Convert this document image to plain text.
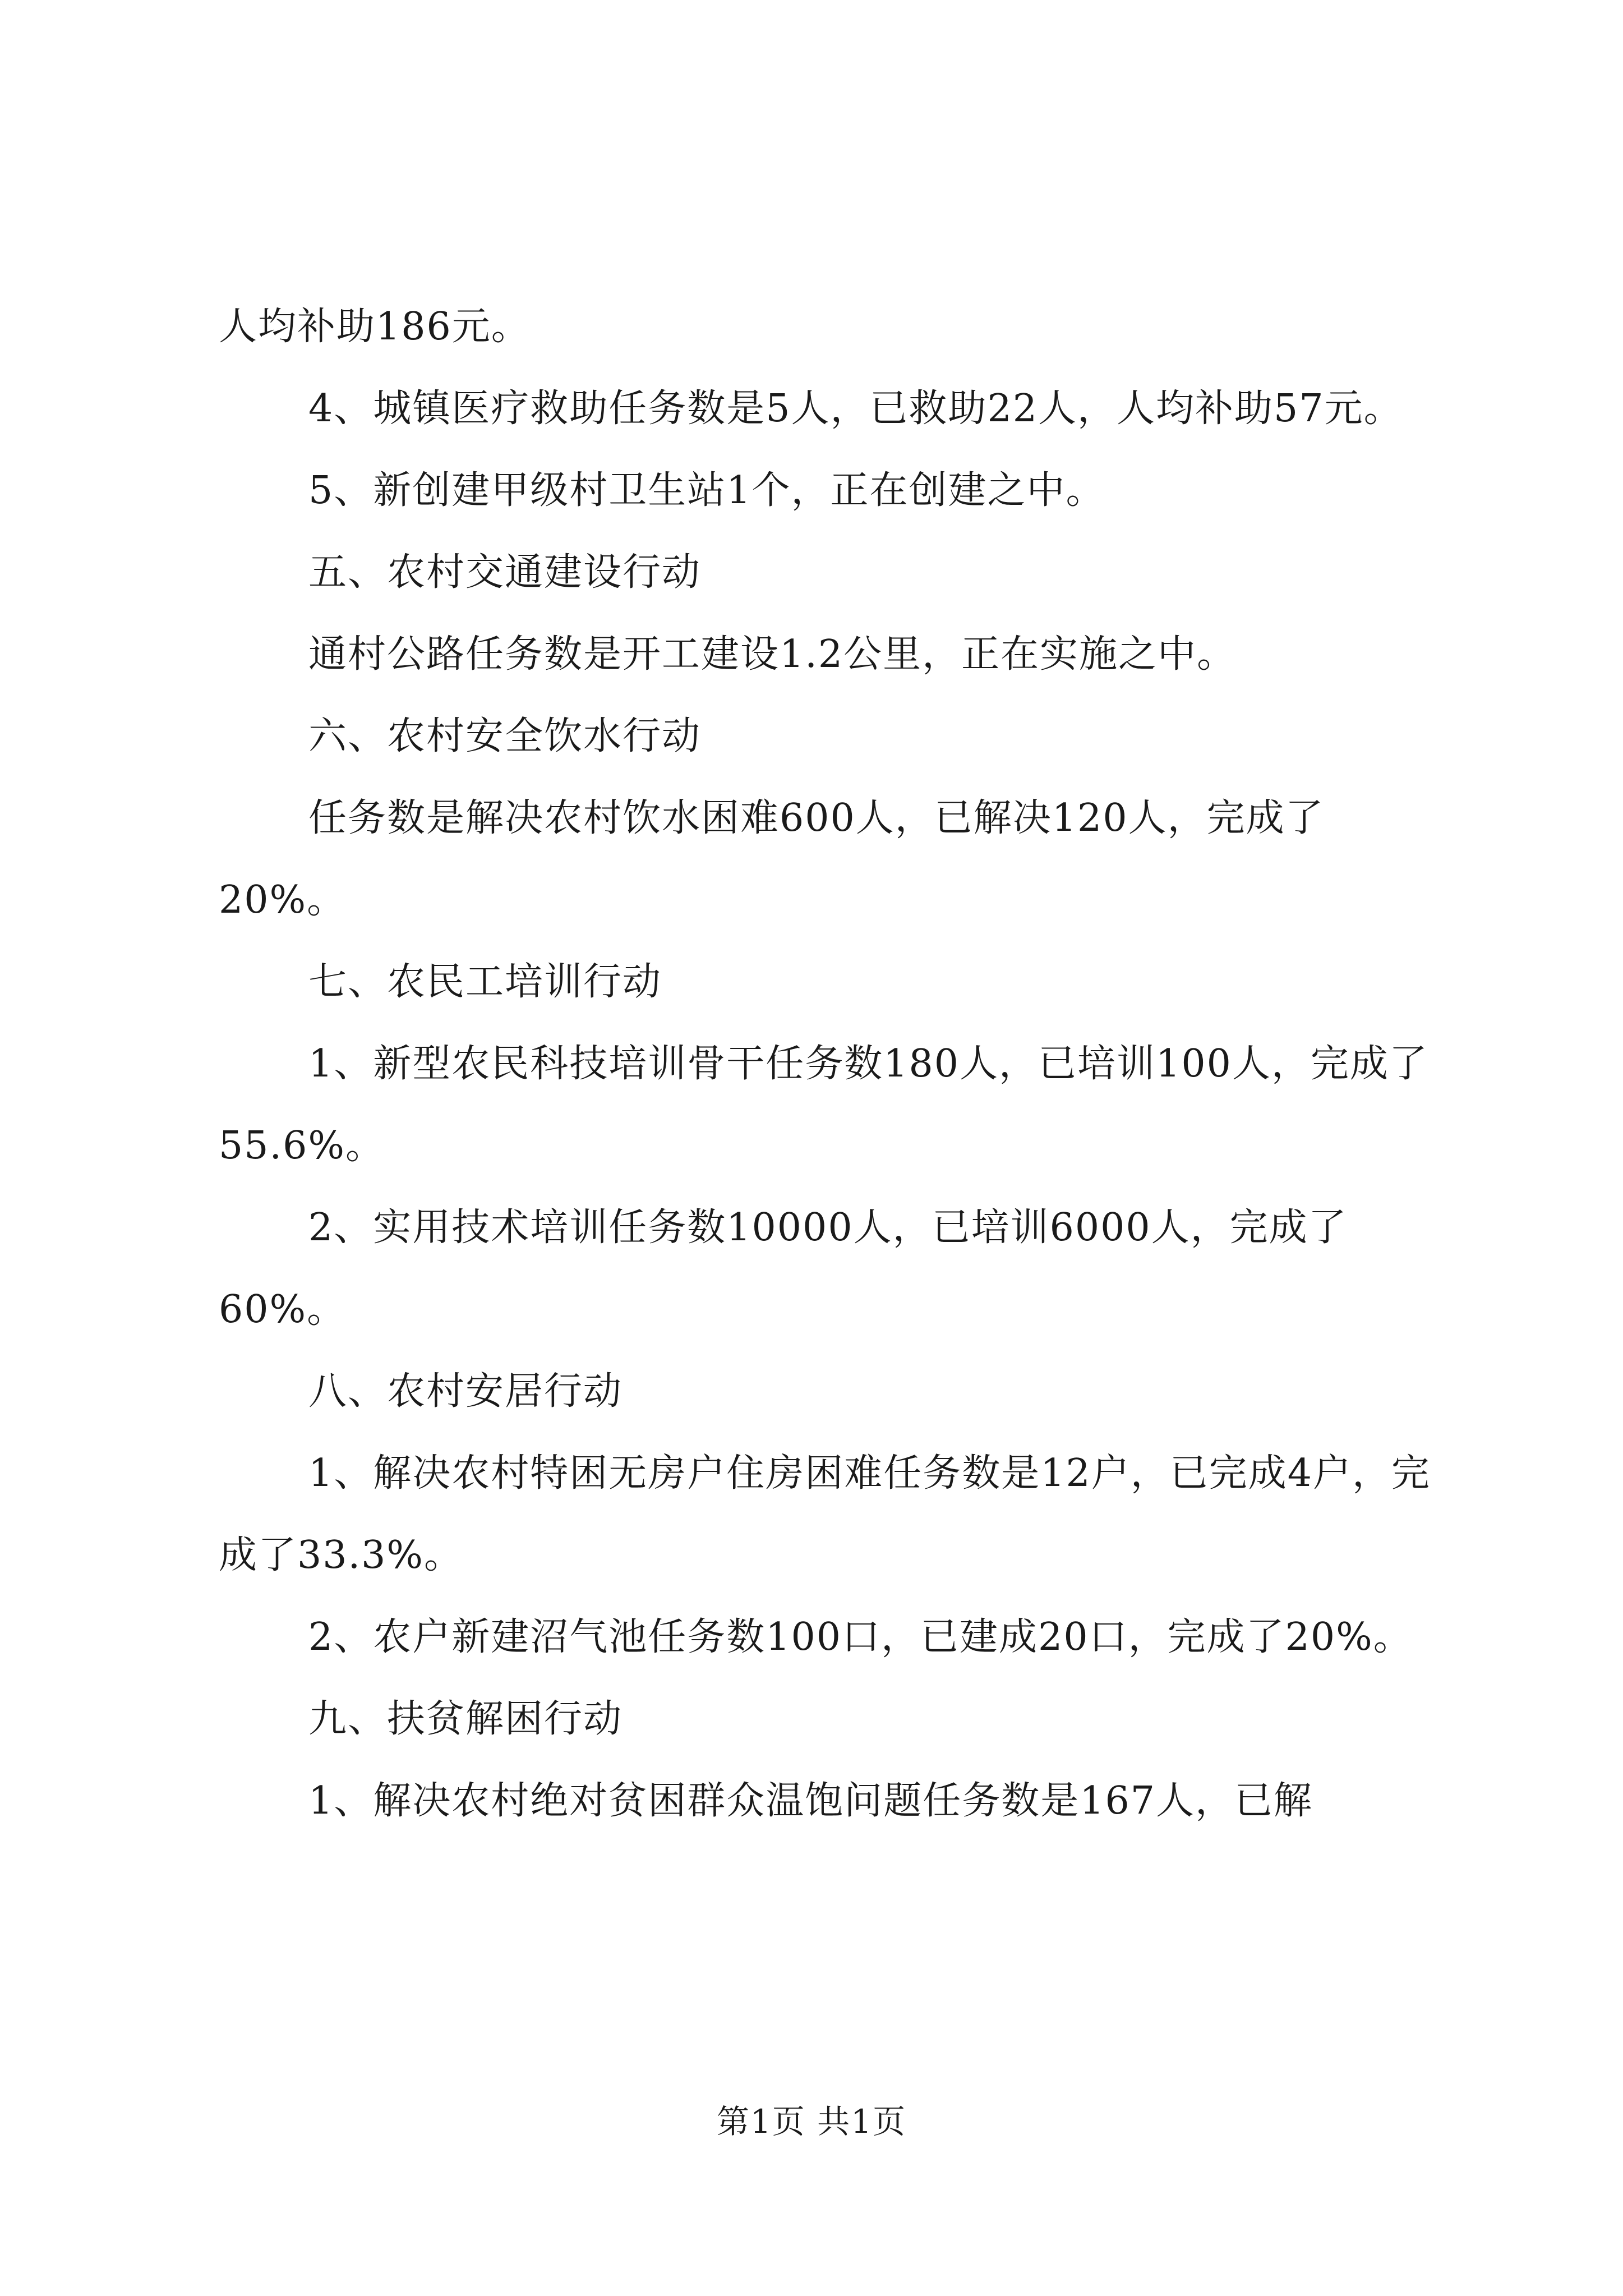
人均补助186元。

4、城镇医疗救助任务数是5人，已救助22人，人均补助57元。

5、新创建甲级村卫生站1个，正在创建之中。

五、农村交通建设行动

通村公路任务数是开工建设1.2公里，正在实施之中。

六、农村安全饮水行动

任务数是解决农村饮水困难600人，已解决120人，完成了20%。

七、农民工培训行动

1、新型农民科技培训骨干任务数180人，已培训100人，完成了55.6%。

2、实用技术培训任务数10000人，已培训6000人，完成了60%。

八、农村安居行动

1、解决农村特困无房户住房困难任务数是12户，已完成4户，完成了33.3%。

2、农户新建沼气池任务数100口，已建成20口，完成了20%。

九、扶贫解困行动

1、解决农村绝对贫困群众温饱问题任务数是167人，已解

第1页 共1页
